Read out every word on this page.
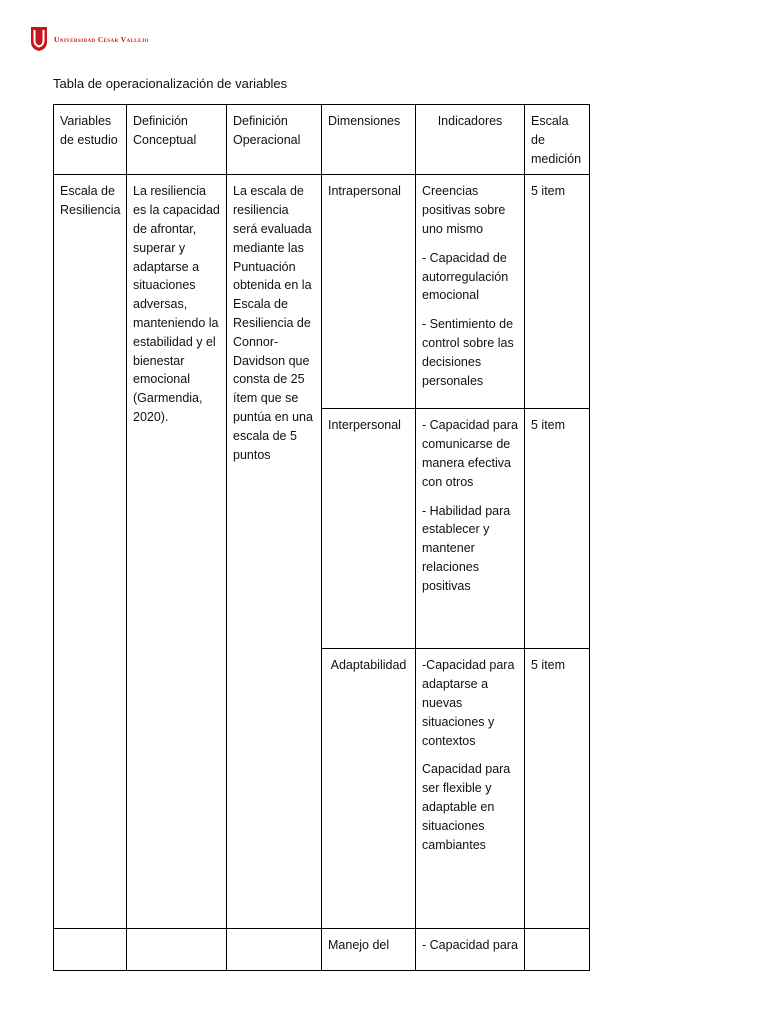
Universidad César Vallejo
Tabla de operacionalización de variables
Variables de estudio	Definición Conceptual	Definición Operacional	Dimensiones	Indicadores	Escala de medición
Escala de Resiliencia	La resiliencia es la capacidad de afrontar, superar y adaptarse a situaciones adversas, manteniendo la estabilidad y el bienestar emocional (Garmendia, 2020).	La escala de resiliencia será evaluada mediante las Puntuación obtenida en la Escala de Resiliencia de Connor-Davidson que consta de 25 ítem que se puntúa en una escala de 5 puntos	Intrapersonal	Creencias positivas sobre uno mismo

- Capacidad de autorregulación emocional

- Sentimiento de control sobre las decisiones personales	5 item
			Interpersonal	- Capacidad para comunicarse de manera efectiva con otros

- Habilidad para establecer y mantener relaciones positivas	5 item
			Adaptabilidad	-Capacidad para adaptarse a nuevas situaciones y contextos

Capacidad para ser flexible y adaptable en situaciones cambiantes	5 item
			Manejo del	- Capacidad para	
